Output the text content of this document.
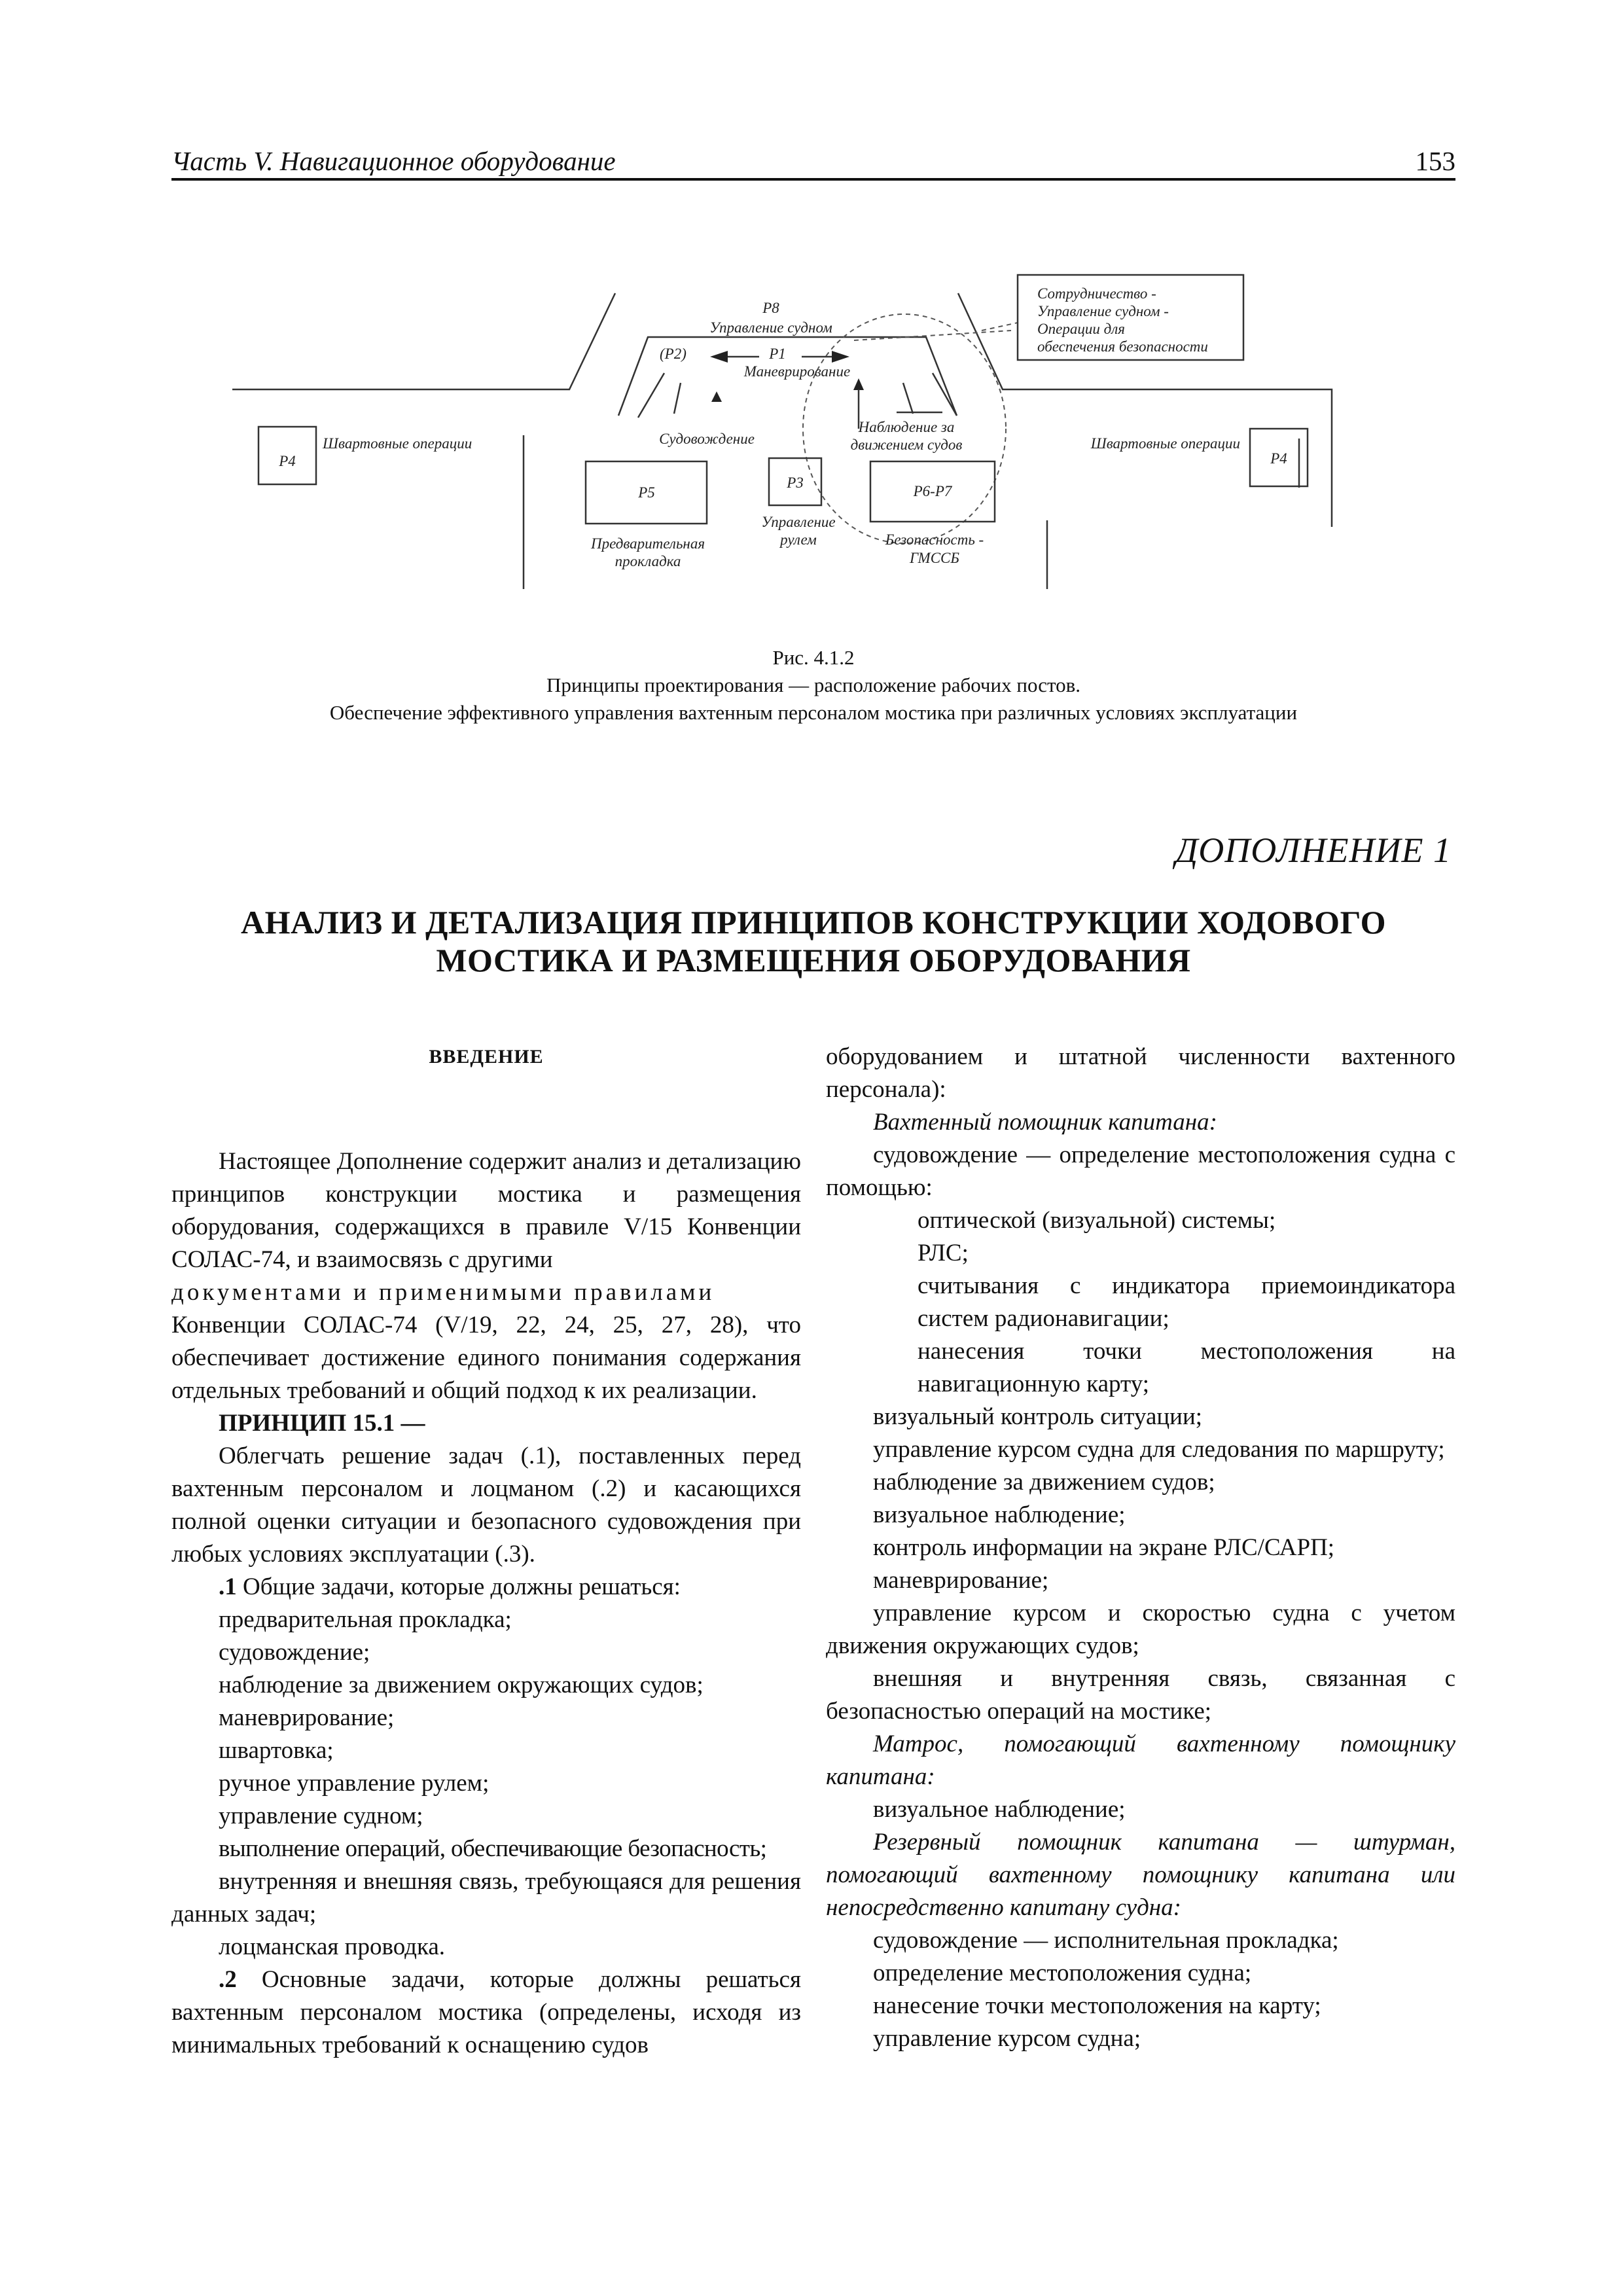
Часть V. Навигационное оборудование	153
P8
Управление судном
(P2)	P1
Маневрирование
Сотрудничество -
Управление судном -
Операции для
обеспечения безопасности
Швартовные операции	Швартовные операции
P4	P4
Судовождение
Наблюдение за
движением судов
P5
P3
P6-P7
Управление
рулем
Предварительная
прокладка
Безопасность -
ГМССБ
Рис. 4.1.2
Принципы проектирования — расположение рабочих постов.
Обеспечение эффективного управления вахтенным персоналом мостика при различных условиях эксплуатации
ДОПОЛНЕНИЕ 1
АНАЛИЗ И ДЕТАЛИЗАЦИЯ ПРИНЦИПОВ КОНСТРУКЦИИ ХОДОВОГО
МОСТИКА И РАЗМЕЩЕНИЯ ОБОРУДОВАНИЯ

ВВЕДЕНИЕ

Настоящее Дополнение содержит анализ и детализацию принципов конструкции мостика и размещения оборудования, содержащихся в правиле V/15 Конвенции СОЛАС-74, и взаимосвязь с другими

документами и применимыми правилами

Конвенции СОЛАС-74 (V/19, 22, 24, 25, 27, 28), что обеспечивает достижение единого понимания содержания отдельных требований и общий подход к их реализации.

ПРИНЦИП 15.1 —

Облегчать решение задач (.1), поставленных перед вахтенным персоналом и лоцманом (.2) и касающихся полной оценки ситуации и безопасного судовождения при любых условиях эксплуатации (.3).

.1 Общие задачи, которые должны решаться:

предварительная прокладка;

судовождение;

наблюдение за движением окружающих судов;

маневрирование;

швартовка;

ручное управление рулем;

управление судном;

выполнение операций, обеспечивающие безопасность;

внутренняя и внешняя связь, требующаяся для решения данных задач;

лоцманская проводка.

.2 Основные задачи, которые должны решаться вахтенным персоналом мостика (определены, исходя из минимальных требований к оснащению судов

оборудованием и штатной численности вахтенного персонала):

Вахтенный помощник капитана:

судовождение — определение местоположения судна с помощью:

оптической (визуальной) системы;

РЛС;

считывания с индикатора приемоиндикатора систем радионавигации;

нанесения точки местоположения на навигационную карту;

визуальный контроль ситуации;

управление курсом судна для следования по маршруту;

наблюдение за движением судов;

визуальное наблюдение;

контроль информации на экране РЛС/САРП;

маневрирование;

управление курсом и скоростью судна с учетом движения окружающих судов;

внешняя и внутренняя связь, связанная с безопасностью операций на мостике;

Матрос, помогающий вахтенному помощнику капитана:

визуальное наблюдение;

Резервный помощник капитана — штурман, помогающий вахтенному помощнику капитана или непосредственно капитану судна:

судовождение — исполнительная прокладка;

определение местоположения судна;

нанесение точки местоположения на карту;

управление курсом судна;
